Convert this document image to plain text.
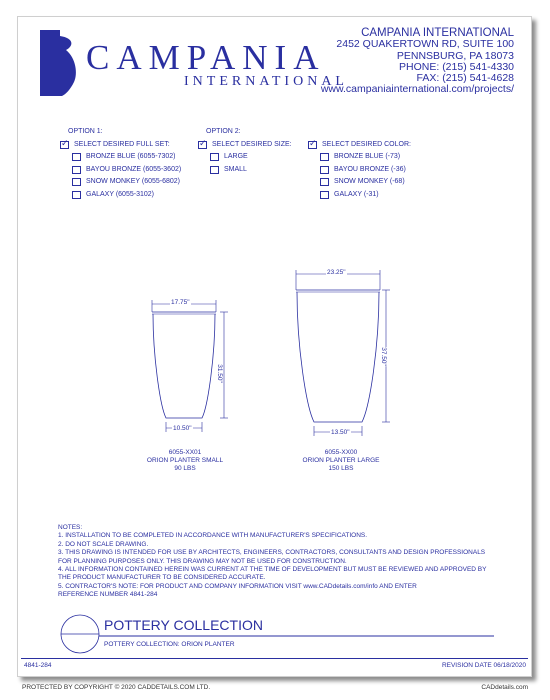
CAMPANIA
INTERNATIONAL
CAMPANIA INTERNATIONAL
2452 QUAKERTOWN RD, SUITE 100
PENNSBURG, PA 18073
PHONE: (215) 541-4330
FAX: (215) 541-4628
www.campaniainternational.com/projects/
OPTION 1:
✓
SELECT DESIRED FULL SET:
BRONZE BLUE (6055-7302)
BAYOU BRONZE (6055-3602)
SNOW MONKEY (6055-6802)
GALAXY (6055-3102)
OPTION 2:
✓
SELECT DESIRED SIZE:
LARGE
SMALL
✓
SELECT DESIRED COLOR:
BRONZE BLUE (-73)
BAYOU BRONZE (-36)
SNOW MONKEY (-68)
GALAXY (-31)
17.75"
31.50"
10.50"
6055-XX01
ORION PLANTER SMALL
90 LBS
23.25"
37.50"
13.50"
6055-XX00
ORION PLANTER LARGE
150 LBS
NOTES:
1. INSTALLATION TO BE COMPLETED IN ACCORDANCE WITH MANUFACTURER'S SPECIFICATIONS.
2. DO NOT SCALE DRAWING.
3. THIS DRAWING IS INTENDED FOR USE BY ARCHITECTS, ENGINEERS, CONTRACTORS, CONSULTANTS AND DESIGN PROFESSIONALS
FOR PLANNING PURPOSES ONLY. THIS DRAWING MAY NOT BE USED FOR CONSTRUCTION.
4. ALL INFORMATION CONTAINED HEREIN WAS CURRENT AT THE TIME OF DEVELOPMENT BUT MUST BE REVIEWED AND APPROVED BY
THE PRODUCT MANUFACTURER TO BE CONSIDERED ACCURATE.
5. CONTRACTOR'S NOTE: FOR PRODUCT AND COMPANY INFORMATION VISIT www.CADdetails.com/info AND ENTER
REFERENCE NUMBER 4841-284
POTTERY COLLECTION
POTTERY COLLECTION: ORION PLANTER
4841-284	REVISION DATE 06/18/2020
PROTECTED BY COPYRIGHT © 2020 CADDETAILS.COM LTD.	CADdetails.com
